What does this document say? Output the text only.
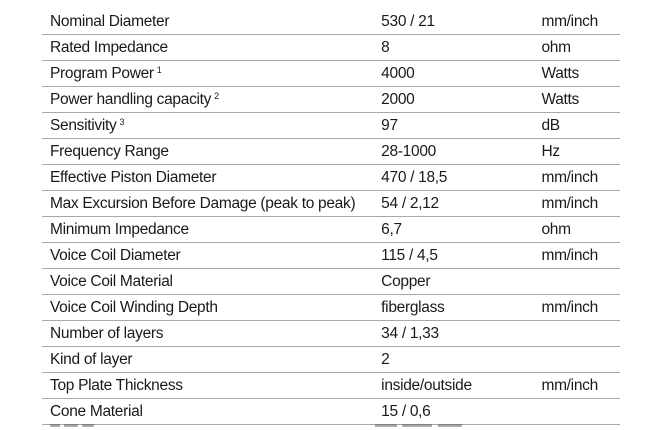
Nominal Diameter	530 / 21	mm/inch
Rated Impedance	8	ohm
Program Power $^1$	4000	Watts
Power handling capacity $^2$	2000	Watts
Sensitivity $^3$	97	dB
Frequency Range	28-1000	Hz
Effective Piston Diameter	470 / 18,5	mm/inch
Max Excursion Before Damage (peak to peak)	54 / 2,12	mm/inch
Minimum Impedance	6,7	ohm
Voice Coil Diameter	115 / 4,5	mm/inch
Voice Coil Material	Copper	
Voice Coil Winding Depth	fiberglass	mm/inch
Number of layers	34 / 1,33	
Kind of layer	2	
Top Plate Thickness	inside/outside	mm/inch
Cone Material	15 / 0,6	
